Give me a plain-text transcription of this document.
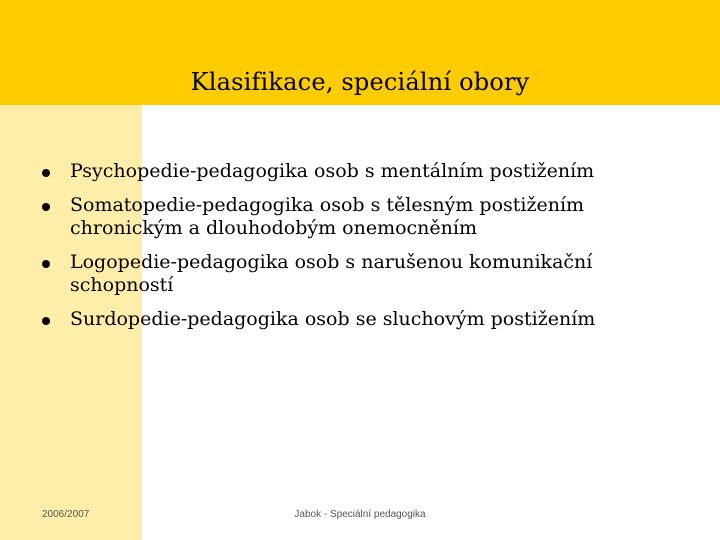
Klasifikace, speciální obory
Psychopedie-pedagogika osob s mentálním postižením
Somatopedie-pedagogika osob s tělesným postižením
chronickým a dlouhodobým onemocněním
Logopedie-pedagogika osob s narušenou komunikační
schopností
Surdopedie-pedagogika osob se sluchovým postižením
2006/2007	Jabok - Speciální pedagogika
